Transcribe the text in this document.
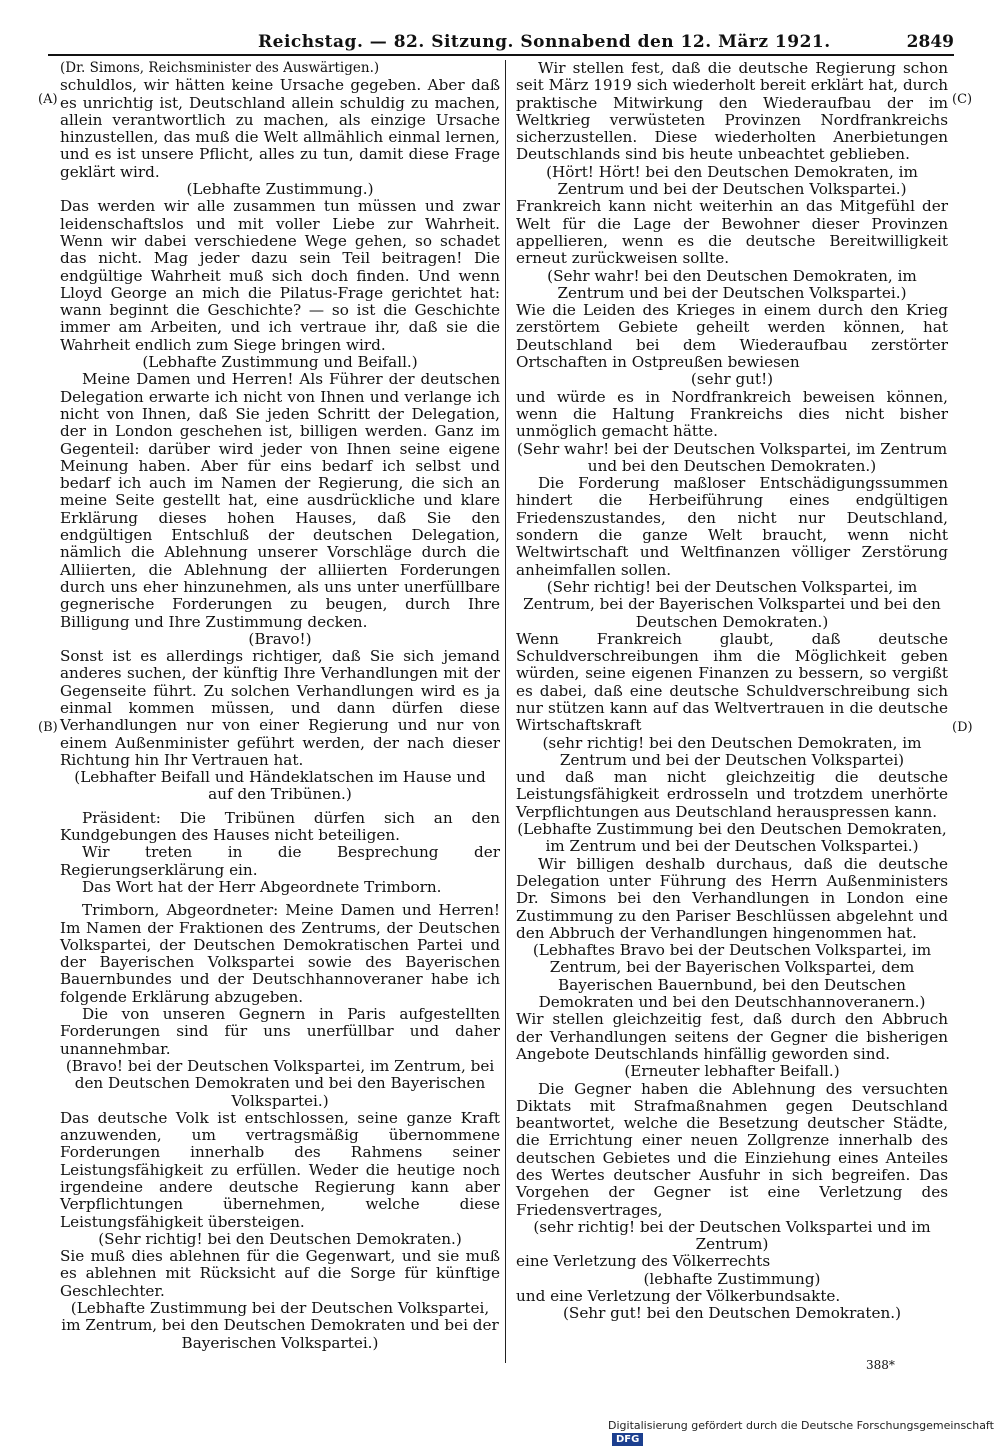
Reichstag. — 82. Sitzung. Sonnabend den 12. März 1921.	2849
(A)
(B)
(C)
(D)

(Dr. Simons, Reichsminister des Auswärtigen.)

schuldlos, wir hätten keine Ursache gegeben. Aber daß es unrichtig ist, Deutschland allein schuldig zu machen, allein verantwortlich zu machen, als einzige Ursache hinzustellen, das muß die Welt allmählich einmal lernen, und es ist unsere Pflicht, alles zu tun, damit diese Frage geklärt wird.

(Lebhafte Zustimmung.)

Das werden wir alle zusammen tun müssen und zwar leidenschaftslos und mit voller Liebe zur Wahrheit. Wenn wir dabei verschiedene Wege gehen, so schadet das nicht. Mag jeder dazu sein Teil beitragen! Die endgültige Wahrheit muß sich doch finden. Und wenn Lloyd George an mich die Pilatus-Frage gerichtet hat: wann beginnt die Geschichte? — so ist die Geschichte immer am Arbeiten, und ich vertraue ihr, daß sie die Wahrheit endlich zum Siege bringen wird.

(Lebhafte Zustimmung und Beifall.)

Meine Damen und Herren! Als Führer der deutschen Delegation erwarte ich nicht von Ihnen und verlange ich nicht von Ihnen, daß Sie jeden Schritt der Delegation, der in London geschehen ist, billigen werden. Ganz im Gegenteil: darüber wird jeder von Ihnen seine eigene Meinung haben. Aber für eins bedarf ich selbst und bedarf ich auch im Namen der Regierung, die sich an meine Seite gestellt hat, eine ausdrückliche und klare Erklärung dieses hohen Hauses, daß Sie den endgültigen Entschluß der deutschen Delegation, nämlich die Ablehnung unserer Vorschläge durch die Alliierten, die Ablehnung der alliierten Forderungen durch uns eher hinzunehmen, als uns unter unerfüllbare gegnerische Forderungen zu beugen, durch Ihre Billigung und Ihre Zustimmung decken.

(Bravo!)

Sonst ist es allerdings richtiger, daß Sie sich jemand anderes suchen, der künftig Ihre Verhandlungen mit der Gegenseite führt. Zu solchen Verhandlungen wird es ja einmal kommen müssen, und dann dürfen diese Verhandlungen nur von einer Regierung und nur von einem Außenminister geführt werden, der nach dieser Richtung hin Ihr Vertrauen hat.

(Lebhafter Beifall und Händeklatschen im Hause und auf den Tribünen.)

Präsident: Die Tribünen dürfen sich an den Kundgebungen des Hauses nicht beteiligen.

Wir treten in die Besprechung der Regierungserklärung ein.

Das Wort hat der Herr Abgeordnete Trimborn.

Trimborn, Abgeordneter: Meine Damen und Herren! Im Namen der Fraktionen des Zentrums, der Deutschen Volkspartei, der Deutschen Demokratischen Partei und der Bayerischen Volkspartei sowie des Bayerischen Bauernbundes und der Deutschhannoveraner habe ich folgende Erklärung abzugeben.

Die von unseren Gegnern in Paris aufgestellten Forderungen sind für uns unerfüllbar und daher unannehmbar.

(Bravo! bei der Deutschen Volkspartei, im Zentrum, bei den Deutschen Demokraten und bei den Bayerischen Volkspartei.)

Das deutsche Volk ist entschlossen, seine ganze Kraft anzuwenden, um vertragsmäßig übernommene Forderungen innerhalb des Rahmens seiner Leistungsfähigkeit zu erfüllen. Weder die heutige noch irgendeine andere deutsche Regierung kann aber Verpflichtungen übernehmen, welche diese Leistungsfähigkeit übersteigen.

(Sehr richtig! bei den Deutschen Demokraten.)

Sie muß dies ablehnen für die Gegenwart, und sie muß es ablehnen mit Rücksicht auf die Sorge für künftige Geschlechter.

(Lebhafte Zustimmung bei der Deutschen Volkspartei, im Zentrum, bei den Deutschen Demokraten und bei der Bayerischen Volkspartei.)

Wir stellen fest, daß die deutsche Regierung schon seit März 1919 sich wiederholt bereit erklärt hat, durch praktische Mitwirkung den Wiederaufbau der im Weltkrieg verwüsteten Provinzen Nordfrankreichs sicherzustellen. Diese wiederholten Anerbietungen Deutschlands sind bis heute unbeachtet geblieben.

(Hört! Hört! bei den Deutschen Demokraten, im Zentrum und bei der Deutschen Volkspartei.)

Frankreich kann nicht weiterhin an das Mitgefühl der Welt für die Lage der Bewohner dieser Provinzen appellieren, wenn es die deutsche Bereitwilligkeit erneut zurückweisen sollte.

(Sehr wahr! bei den Deutschen Demokraten, im Zentrum und bei der Deutschen Volkspartei.)

Wie die Leiden des Krieges in einem durch den Krieg zerstörtem Gebiete geheilt werden können, hat Deutschland bei dem Wiederaufbau zerstörter Ortschaften in Ostpreußen bewiesen

(sehr gut!)

und würde es in Nordfrankreich beweisen können, wenn die Haltung Frankreichs dies nicht bisher unmöglich gemacht hätte.

(Sehr wahr! bei der Deutschen Volkspartei, im Zentrum und bei den Deutschen Demokraten.)

Die Forderung maßloser Entschädigungssummen hindert die Herbeiführung eines endgültigen Friedenszustandes, den nicht nur Deutschland, sondern die ganze Welt braucht, wenn nicht Weltwirtschaft und Weltfinanzen völliger Zerstörung anheimfallen sollen.

(Sehr richtig! bei der Deutschen Volkspartei, im Zentrum, bei der Bayerischen Volkspartei und bei den Deutschen Demokraten.)

Wenn Frankreich glaubt, daß deutsche Schuldverschreibungen ihm die Möglichkeit geben würden, seine eigenen Finanzen zu bessern, so vergißt es dabei, daß eine deutsche Schuldverschreibung sich nur stützen kann auf das Weltvertrauen in die deutsche Wirtschaftskraft

(sehr richtig! bei den Deutschen Demokraten, im Zentrum und bei der Deutschen Volkspartei)

und daß man nicht gleichzeitig die deutsche Leistungsfähigkeit erdrosseln und trotzdem unerhörte Verpflichtungen aus Deutschland herauspressen kann.

(Lebhafte Zustimmung bei den Deutschen Demokraten, im Zentrum und bei der Deutschen Volkspartei.)

Wir billigen deshalb durchaus, daß die deutsche Delegation unter Führung des Herrn Außenministers Dr. Simons bei den Verhandlungen in London eine Zustimmung zu den Pariser Beschlüssen abgelehnt und den Abbruch der Verhandlungen hingenommen hat.

(Lebhaftes Bravo bei der Deutschen Volkspartei, im Zentrum, bei der Bayerischen Volkspartei, dem Bayerischen Bauernbund, bei den Deutschen Demokraten und bei den Deutschhannoveranern.)

Wir stellen gleichzeitig fest, daß durch den Abbruch der Verhandlungen seitens der Gegner die bisherigen Angebote Deutschlands hinfällig geworden sind.

(Erneuter lebhafter Beifall.)

Die Gegner haben die Ablehnung des versuchten Diktats mit Strafmaßnahmen gegen Deutschland beantwortet, welche die Besetzung deutscher Städte, die Errichtung einer neuen Zollgrenze innerhalb des deutschen Gebietes und die Einziehung eines Anteiles des Wertes deutscher Ausfuhr in sich begreifen. Das Vorgehen der Gegner ist eine Verletzung des Friedensvertrages,

(sehr richtig! bei der Deutschen Volkspartei und im Zentrum)

eine Verletzung des Völkerrechts

(lebhafte Zustimmung)

und eine Verletzung der Völkerbundsakte.

(Sehr gut! bei den Deutschen Demokraten.)

388*
Digitalisierung gefördert durch die Deutsche Forschungsgemeinschaft DFG
